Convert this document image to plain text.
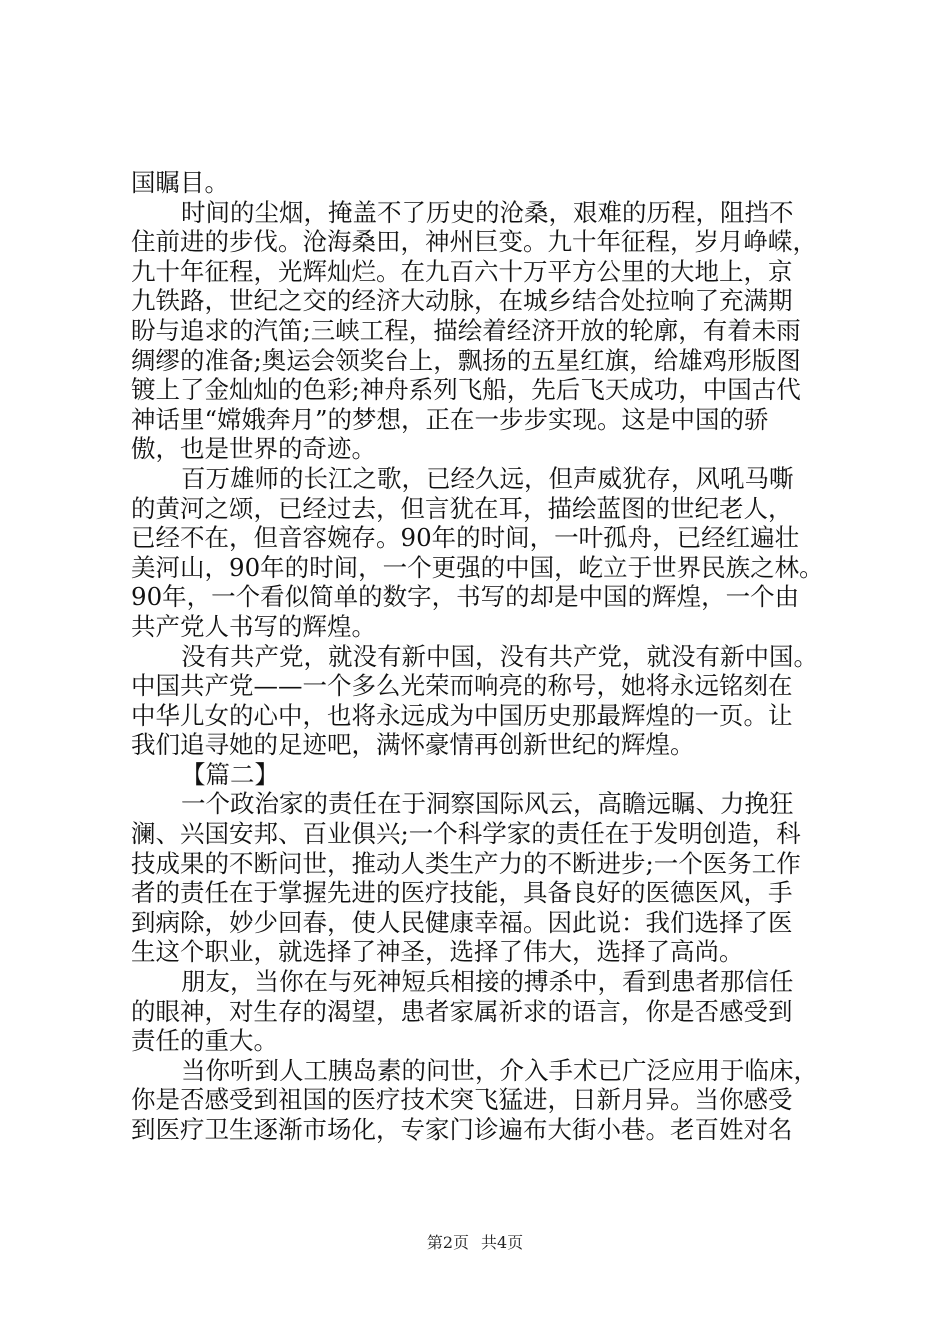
国瞩目。

时间的尘烟，掩盖不了历史的沧桑，艰难的历程，阻挡不

住前进的步伐。沧海桑田，神州巨变。九十年征程，岁月峥嵘，

九十年征程，光辉灿烂。在九百六十万平方公里的大地上，京

九铁路，世纪之交的经济大动脉，在城乡结合处拉响了充满期

盼与追求的汽笛;三峡工程，描绘着经济开放的轮廓，有着未雨

绸缪的准备;奥运会领奖台上，飘扬的五星红旗，给雄鸡形版图

镀上了金灿灿的色彩;神舟系列飞船，先后飞天成功，中国古代

神话里“嫦娥奔月”的梦想，正在一步步实现。这是中国的骄

傲，也是世界的奇迹。

百万雄师的长江之歌，已经久远，但声威犹存，风吼马嘶

的黄河之颂，已经过去，但言犹在耳，描绘蓝图的世纪老人，

已经不在，但音容婉存。90年的时间，一叶孤舟，已经红遍壮

美河山，90年的时间，一个更强的中国，屹立于世界民族之林。

90年，一个看似简单的数字，书写的却是中国的辉煌，一个由

共产党人书写的辉煌。

没有共产党，就没有新中国，没有共产党，就没有新中国。

中国共产党——一个多么光荣而响亮的称号，她将永远铭刻在

中华儿女的心中，也将永远成为中国历史那最辉煌的一页。让

我们追寻她的足迹吧，满怀豪情再创新世纪的辉煌。

【篇二】

一个政治家的责任在于洞察国际风云，高瞻远瞩、力挽狂

澜、兴国安邦、百业俱兴;一个科学家的责任在于发明创造，科

技成果的不断问世，推动人类生产力的不断进步;一个医务工作

者的责任在于掌握先进的医疗技能，具备良好的医德医风，手

到病除，妙少回春，使人民健康幸福。因此说：我们选择了医

生这个职业，就选择了神圣，选择了伟大，选择了高尚。

朋友，当你在与死神短兵相接的搏杀中，看到患者那信任

的眼神，对生存的渴望，患者家属祈求的语言，你是否感受到

责任的重大。

当你听到人工胰岛素的问世，介入手术已广泛应用于临床，

你是否感受到祖国的医疗技术突飞猛进，日新月异。当你感受

到医疗卫生逐渐市场化，专家门诊遍布大街小巷。老百姓对名

第2页 共4页
